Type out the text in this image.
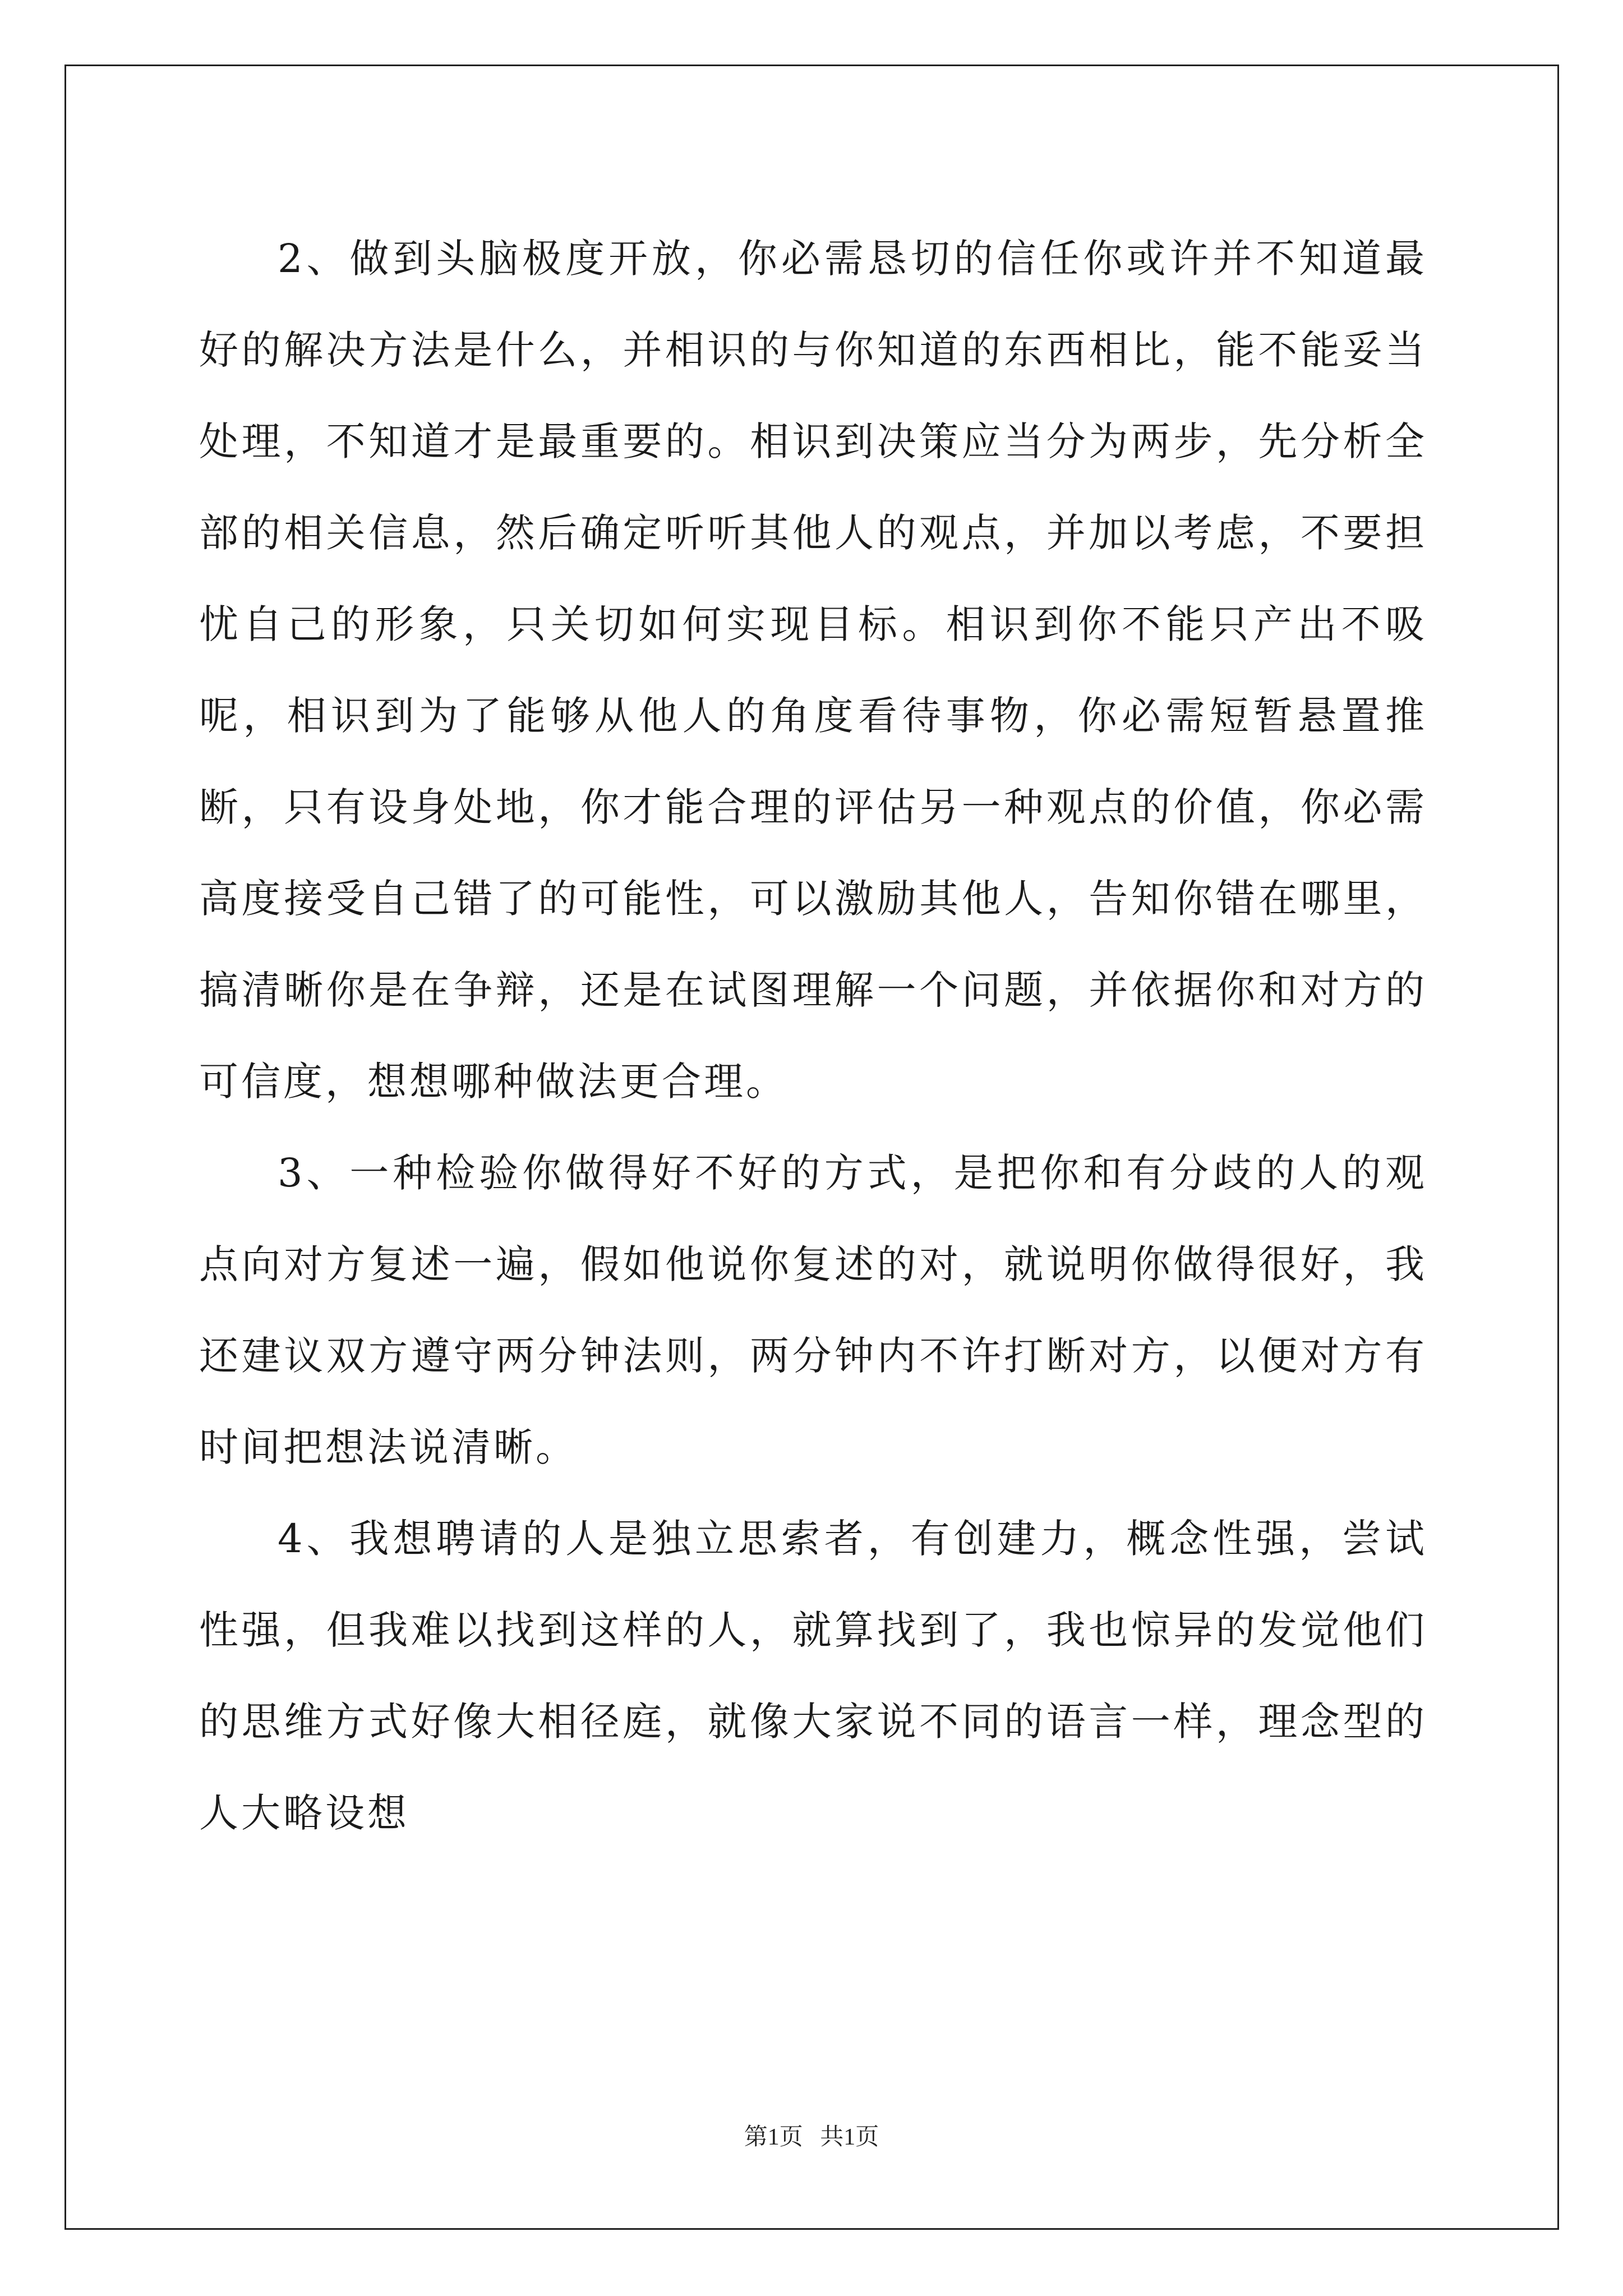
2、做到头脑极度开放，你必需恳切的信任你或许并不知道最好的解决方法是什么，并相识的与你知道的东西相比，能不能妥当处理，不知道才是最重要的。相识到决策应当分为两步，先分析全部的相关信息，然后确定听听其他人的观点，并加以考虑，不要担忧自己的形象，只关切如何实现目标。相识到你不能只产出不吸呢，相识到为了能够从他人的角度看待事物，你必需短暂悬置推断，只有设身处地，你才能合理的评估另一种观点的价值，你必需高度接受自己错了的可能性，可以激励其他人，告知你错在哪里，搞清晰你是在争辩，还是在试图理解一个问题，并依据你和对方的可信度，想想哪种做法更合理。

3、一种检验你做得好不好的方式，是把你和有分歧的人的观点向对方复述一遍，假如他说你复述的对，就说明你做得很好，我还建议双方遵守两分钟法则，两分钟内不许打断对方，以便对方有时间把想法说清晰。

4、我想聘请的人是独立思索者，有创建力，概念性强，尝试性强，但我难以找到这样的人，就算找到了，我也惊异的发觉他们的思维方式好像大相径庭，就像大家说不同的语言一样，理念型的人大略设想

第1页 共1页
